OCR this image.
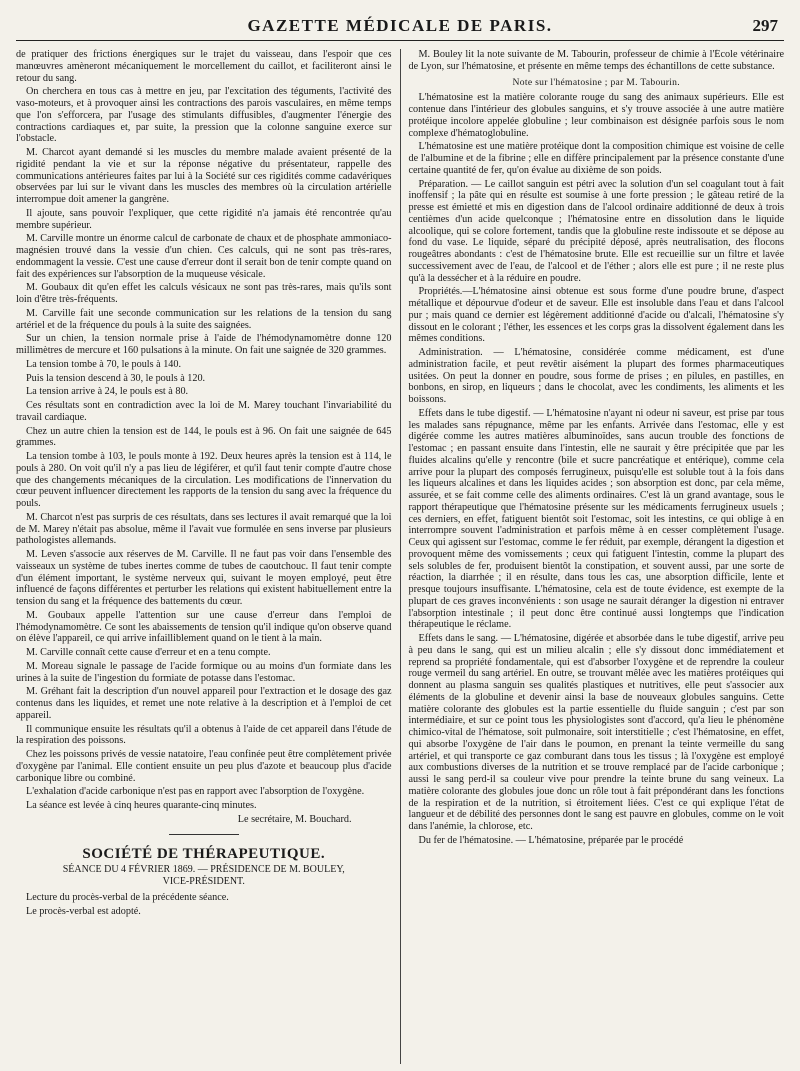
GAZETTE MÉDICALE DE PARIS.	297

de pratiquer des frictions énergiques sur le trajet du vaisseau, dans l'espoir que ces manœuvres amèneront mécaniquement le morcellement du caillot, et faciliteront ainsi le retour du sang.

On cherchera en tous cas à mettre en jeu, par l'excitation des téguments, l'activité des vaso-moteurs, et à provoquer ainsi les contractions des parois vasculaires, en même temps que l'on s'efforcera, par l'usage des stimulants diffusibles, d'augmenter l'énergie des contractions cardiaques et, par suite, la pression que la colonne sanguine exerce sur l'obstacle.

M. Charcot ayant demandé si les muscles du membre malade avaient présenté de la rigidité pendant la vie et sur la réponse négative du présentateur, rappelle des communications antérieures faites par lui à la Société sur ces rigidités comme cadavériques observées par lui sur le vivant dans les muscles des membres où la circulation artérielle interrompue doit amener la gangrène.

Il ajoute, sans pouvoir l'expliquer, que cette rigidité n'a jamais été rencontrée qu'au membre supérieur.

M. Carville montre un énorme calcul de carbonate de chaux et de phosphate ammoniaco-magnésien trouvé dans la vessie d'un chien. Ces calculs, qui ne sont pas très-rares, endommagent la vessie. C'est une cause d'erreur dont il serait bon de tenir compte quand on fait des expériences sur l'absorption de la muqueuse vésicale.

M. Goubaux dit qu'en effet les calculs vésicaux ne sont pas très-rares, mais qu'ils sont loin d'être très-fréquents.

M. Carville fait une seconde communication sur les relations de la tension du sang artériel et de la fréquence du pouls à la suite des saignées.

Sur un chien, la tension normale prise à l'aide de l'hémodynamomètre donne 120 millimètres de mercure et 160 pulsations à la minute. On fait une saignée de 320 grammes.

La tension tombe à 70, le pouls à 140.

Puis la tension descend à 30, le pouls à 120.

La tension arrive à 24, le pouls est à 80.

Ces résultats sont en contradiction avec la loi de M. Marey touchant l'invariabilité du travail cardiaque.

Chez un autre chien la tension est de 144, le pouls est à 96. On fait une saignée de 645 grammes.

La tension tombe à 103, le pouls monte à 192. Deux heures après la tension est à 114, le pouls à 280. On voit qu'il n'y a pas lieu de légiférer, et qu'il faut tenir compte d'autre chose que des changements mécaniques de la circulation. Les modifications de l'innervation du cœur peuvent influencer directement les rapports de la tension du sang avec la fréquence du pouls.

M. Charcot n'est pas surpris de ces résultats, dans ses lectures il avait remarqué que la loi de M. Marey n'était pas absolue, même il l'avait vue formulée en sens inverse par plusieurs pathologistes allemands.

M. Leven s'associe aux réserves de M. Carville. Il ne faut pas voir dans l'ensemble des vaisseaux un système de tubes inertes comme de tubes de caoutchouc. Il faut tenir compte d'un élément important, le système nerveux qui, suivant le moyen employé, peut être influencé de façons différentes et perturber les relations qui existent habituellement entre la tension du sang et la fréquence des battements du cœur.

M. Goubaux appelle l'attention sur une cause d'erreur dans l'emploi de l'hémodynamomètre. Ce sont les abaissements de tension qu'il indique qu'on observe quand on élève l'appareil, ce qui arrive infailliblement quand on le tient à la main.

M. Carville connaît cette cause d'erreur et en a tenu compte.

M. Moreau signale le passage de l'acide formique ou au moins d'un formiate dans les urines à la suite de l'ingestion du formiate de potasse dans l'estomac.

M. Gréhant fait la description d'un nouvel appareil pour l'extraction et le dosage des gaz contenus dans les liquides, et remet une note relative à la description et à l'emploi de cet appareil.

Il communique ensuite les résultats qu'il a obtenus à l'aide de cet appareil dans l'étude de la respiration des poissons.

Chez les poissons privés de vessie natatoire, l'eau confinée peut être complètement privée d'oxygène par l'animal. Elle contient ensuite un peu plus d'azote et beaucoup plus d'acide carbonique libre ou combiné.

L'exhalation d'acide carbonique n'est pas en rapport avec l'absorption de l'oxygène.

La séance est levée à cinq heures quarante-cinq minutes.

Le secrétaire, M. Bouchard.

SOCIÉTÉ DE THÉRAPEUTIQUE.
SÉANCE DU 4 FÉVRIER 1869. — PRÉSIDENCE DE M. BOULEY,
VICE-PRÉSIDENT.

Lecture du procès-verbal de la précédente séance.

Le procès-verbal est adopté.

M. Bouley lit la note suivante de M. Tabourin, professeur de chimie à l'École vétérinaire de Lyon, sur l'hématosine, et présente en même temps des échantillons de cette substance.

Note sur l'hématosine ; par M. Tabourin.

L'hématosine est la matière colorante rouge du sang des animaux supérieurs. Elle est contenue dans l'intérieur des globules sanguins, et s'y trouve associée à une autre matière protéique incolore appelée globuline ; leur combinaison est désignée parfois sous le nom complexe d'hématoglobuline.

L'hématosine est une matière protéique dont la composition chimique est voisine de celle de l'albumine et de la fibrine ; elle en diffère principalement par la présence constante d'une certaine quantité de fer, qu'on évalue au dixième de son poids.

Préparation. — Le caillot sanguin est pétri avec la solution d'un sel coagulant tout à fait inoffensif ; la pâte qui en résulte est soumise à une forte pression ; le gâteau retiré de la presse est émietté et mis en digestion dans de l'alcool ordinaire additionné de deux à trois centièmes d'un acide quelconque ; l'hématosine entre en dissolution dans le liquide alcoolique, qui se colore fortement, tandis que la globuline reste indissoute et se dépose au fond du vase. Le liquide, séparé du précipité déposé, après neutralisation, des flocons rougeâtres abondants : c'est de l'hématosine brute. Elle est recueillie sur un filtre et lavée successivement avec de l'eau, de l'alcool et de l'éther ; alors elle est pure ; il ne reste plus qu'à la dessécher et à la réduire en poudre.

Propriétés.—L'hématosine ainsi obtenue est sous forme d'une poudre brune, d'aspect métallique et dépourvue d'odeur et de saveur. Elle est insoluble dans l'eau et dans l'alcool pur ; mais quand ce dernier est légèrement additionné d'acide ou d'alcali, l'hématosine s'y dissout en le colorant ; l'éther, les essences et les corps gras la dissolvent également dans les mêmes conditions.

Administration. — L'hématosine, considérée comme médicament, est d'une administration facile, et peut revêtir aisément la plupart des formes pharmaceutiques usitées. On peut la donner en poudre, sous forme de prises ; en pilules, en pastilles, en bonbons, en sirop, en liqueurs ; dans le chocolat, avec les condiments, les aliments et les boissons.

Effets dans le tube digestif. — L'hématosine n'ayant ni odeur ni saveur, est prise par tous les malades sans répugnance, même par les enfants. Arrivée dans l'estomac, elle y est digérée comme les autres matières albuminoïdes, sans aucun trouble des fonctions de l'estomac ; en passant ensuite dans l'intestin, elle ne saurait y être précipitée que par les fluides alcalins qu'elle y rencontre (bile et sucre pancréatique et entérique), comme cela arrive pour la plupart des composés ferrugineux, puisqu'elle est soluble tout à la fois dans les liqueurs alcalines et dans les liquides acides ; son absorption est donc, par cela même, assurée, et se fait comme celle des aliments ordinaires. C'est là un grand avantage, sous le rapport thérapeutique que l'hématosine présente sur les médicaments ferrugineux usuels ; ces derniers, en effet, fatiguent bientôt soit l'estomac, soit les intestins, ce qui oblige à en interrompre souvent l'administration et parfois même à en cesser complètement l'usage. Ceux qui agissent sur l'estomac, comme le fer réduit, par exemple, dérangent la digestion et provoquent même des vomissements ; ceux qui fatiguent l'intestin, comme la plupart des sels solubles de fer, produisent bientôt la constipation, et souvent aussi, par une sorte de réaction, la diarrhée ; il en résulte, dans tous les cas, une absorption difficile, lente et presque toujours insuffisante. L'hématosine, cela est de toute évidence, est exempte de la plupart de ces graves inconvénients : son usage ne saurait déranger la digestion ni entraver l'absorption intestinale ; il peut donc être continué aussi longtemps que l'indication thérapeutique le réclame.

Effets dans le sang. — L'hématosine, digérée et absorbée dans le tube digestif, arrive peu à peu dans le sang, qui est un milieu alcalin ; elle s'y dissout donc immédiatement et reprend sa propriété fondamentale, qui est d'absorber l'oxygène et de reprendre la couleur rouge vermeil du sang artériel. En outre, se trouvant mêlée avec les matières protéiques qui donnent au plasma sanguin ses qualités plastiques et nutritives, elle peut s'associer aux éléments de la globuline et devenir ainsi la base de nouveaux globules sanguins. Cette matière colorante des globules est la partie essentielle du fluide sanguin ; c'est par son intermédiaire, et sur ce point tous les physiologistes sont d'accord, qu'a lieu le phénomène chimico-vital de l'hématose, soit pulmonaire, soit interstitielle ; c'est l'hématosine, en effet, qui absorbe l'oxygène de l'air dans le poumon, en prenant la teinte vermeille du sang artériel, et qui transporte ce gaz comburant dans tous les tissus ; là l'oxygène est employé aux combustions diverses de la nutrition et se trouve remplacé par de l'acide carbonique ; aussi le sang perd-il sa couleur vive pour prendre la teinte brune du sang veineux. La matière colorante des globules joue donc un rôle tout à fait prépondérant dans les fonctions de la respiration et de la nutrition, si étroitement liées. C'est ce qui explique l'état de langueur et de débilité des personnes dont le sang est pauvre en globules, comme on le voit dans l'anémie, la chlorose, etc.

Du fer de l'hématosine. — L'hématosine, préparée par le procédé
